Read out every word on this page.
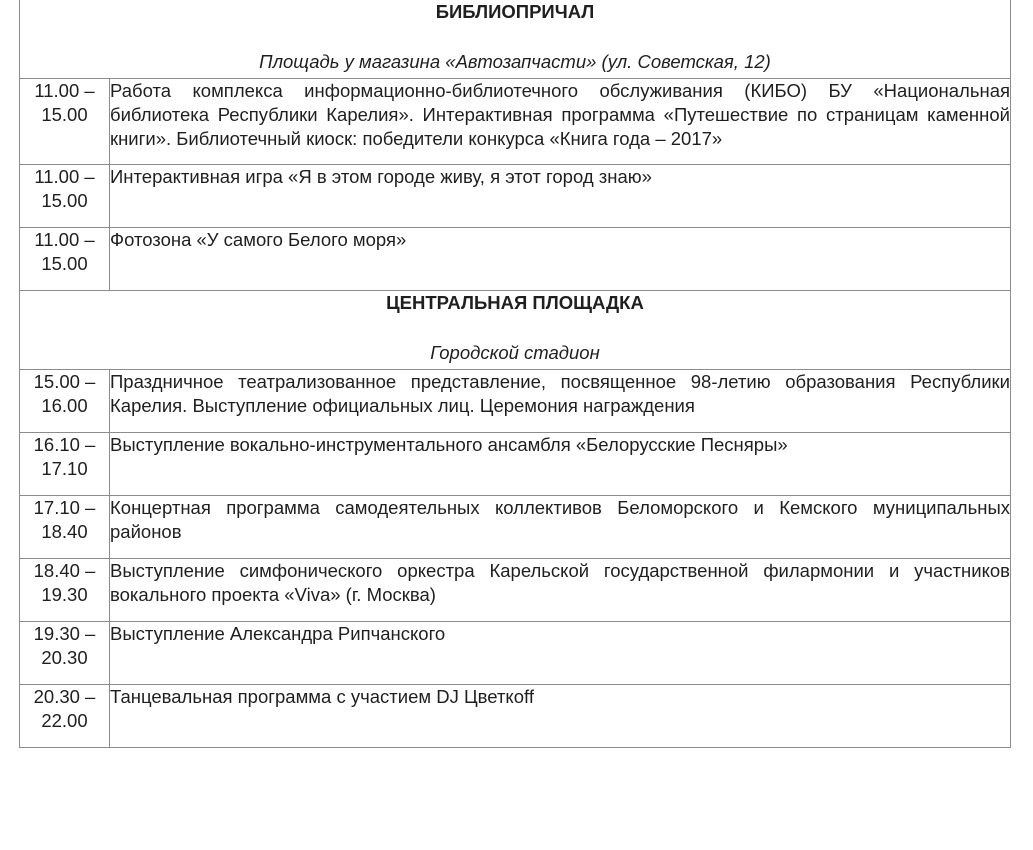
БИБЛИОПРИЧАЛ
Площадь у магазина «Автозапчасти» (ул. Советская, 12)	

11.00 –
15.00	Работа комплекса информационно-библиотечного обслуживания (КИБО) БУ «Национальная библиотека Республики Карелия». Интерактивная программа «Путешествие по страницам каменной книги». Библиотечный киоск: победители конкурса «Книга года – 2017»

11.00 –
15.00	Интерактивная игра «Я в этом городе живу, я этот город знаю»

11.00 –
15.00	Фотозона «У самого Белого моря»

ЦЕНТРАЛЬНАЯ ПЛОЩАДКА
Городской стадион	

15.00 –
16.00	Праздничное театрализованное представление, посвященное 98-летию образования Республики Карелия. Выступление официальных лиц. Церемония награждения

16.10 –
17.10	Выступление вокально-инструментального ансамбля «Белорусские Песняры»

17.10 –
18.40	Концертная программа самодеятельных коллективов Беломорского и Кемского муниципальных районов

18.40 –
19.30	Выступление симфонического оркестра Карельской государственной филармонии и участников вокального проекта «Viva» (г. Москва)

19.30 –
20.30	Выступление Александра Рипчанского

20.30 –
22.00	Танцевальная программа с участием DJ Цветкоff
